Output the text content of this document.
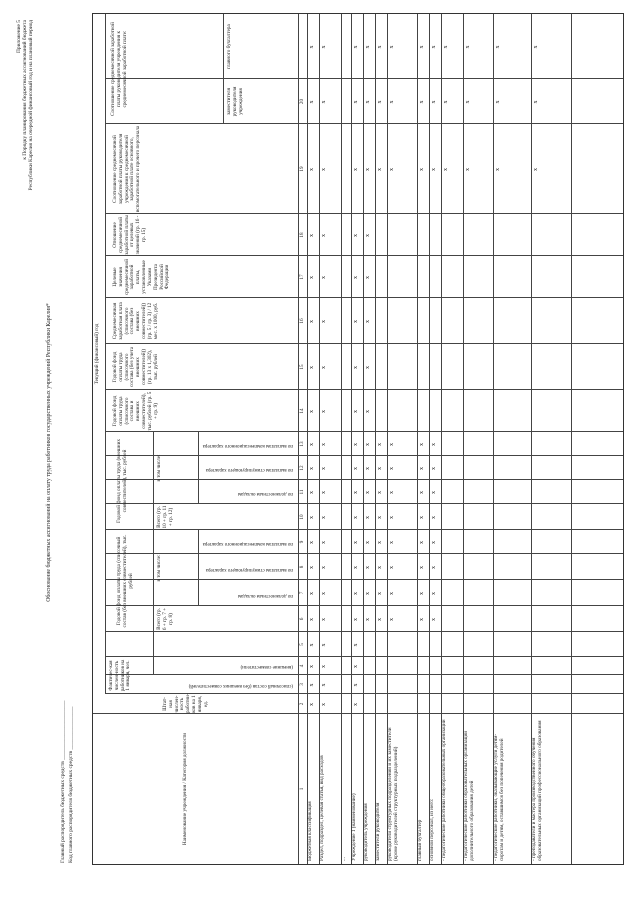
Приложение 5 к Порядку планирования бюджетных ассигнований бюджета Республики Карелия на очередной финансовый год и на плановый период
Обоснование бюджетных ассигнований на оплату труда работников государственных учреждений Республики Карелия*
Главный распорядитель бюджетных средств ______________________
Код главного распорядителя бюджетных средств ________________
Текущий (финансовый) год
Наименование учреждения / Категория должности
Штат-ная числен-ность работни-ков на 1 января, ед.
Фактичес-кая числен-ность работников на 1 января, чел.	(списочный состав (без внешних совместителей)
(внешние совместители)
Годовой фонд оплаты труда (списочный состав (без внешних совместителей), тыс. рублей
Годовой фонд оплаты труда (внешних совместителей), тыс. рублей
Всего (гр. 6 + гр. 7 + гр. 8)
Всего (гр. 10 + гр. 11 + гр. 12)
в том числе:
в том числе:
по должностным окладам
по выплатам стимулирующего характера
по выплатам компенсационного характера
по должностным окладам
по выплатам стимулирующего характера
по выплатам компенсационного характера
Годовой фонд оплаты труда (списочного состава и внешних совместителей), тыс. рублей (гр. 5 + гр. 9)
Годовой фонд оплаты труда (списочного состава (без учета внешних совместителей)) (гр. 13 x 1,302), тыс. рублей
Среднемесячная заработная плата (списочного состава (без внешних совместителей)) (гр. 5 / гр. 3) / 12 мес. x 1000, руб.
Целевые значения среднемесячной заработной платы, установленные Указами Президента Российской Федерации
Отношение среднемесячной заработной платы от целевых значений (гр. 16 - гр. 15)
Соотношение среднемесячной заработной платы руководителя учреждения к среднемесячной заработной плате основного, вспомогательного и прочего персонала
Соотношение среднемесячной заработной платы руководителя учреждения к среднемесячной заработной плате:	заместителя руководителя учреждения
главного бухгалтера
1
2
3
4
5
6
7
8
9
10
11
12
13
14
15
16
17
18
19
20
Бюджетная классификация
x
x
x
x
x
x
x
x
x
x
x
x
x
x
x
x
x
x
x
x
Раздел, подраздел, целевая статья, вид расходов
x
x
x
x
x
x
x
x
x
x
x
x
x
x
x
x
x
x
x
x
... Учреждение 1 (наименование)
x
x
x
x
x
x
x
x
x
x
x
x
x
x
x
x
x
x
x
x
руководитель учреждения
x
x
x
x
x
x
x
x
x
x
x
x
x
x
x
x
заместители руководителя
x
x
x
x
x
x
x
x
x
x
x
руководители структурных подразделений и их заместители (кроме руководителей структурных подразделений)
x
x
x
x
x
x
x
x
x
x
x
главный бухгалтер
x
x
x
x
x
x
x
x
x
x
x
основной персонал, из него:
x
x
x
x
x
x
x
x
x
x
x
- педагогические работники общеобразовательных организаций
x
x
x
- педагогические работники образовательных организаций дополнительного образования детей
x
x
x
- педагогические работники, оказывающие услуги детям-сиротам и детям, оставшимся без попечения родителей
x
x
x
- преподаватели и мастера производственного обучения образовательных организаций профессионального образования
x
x
x
